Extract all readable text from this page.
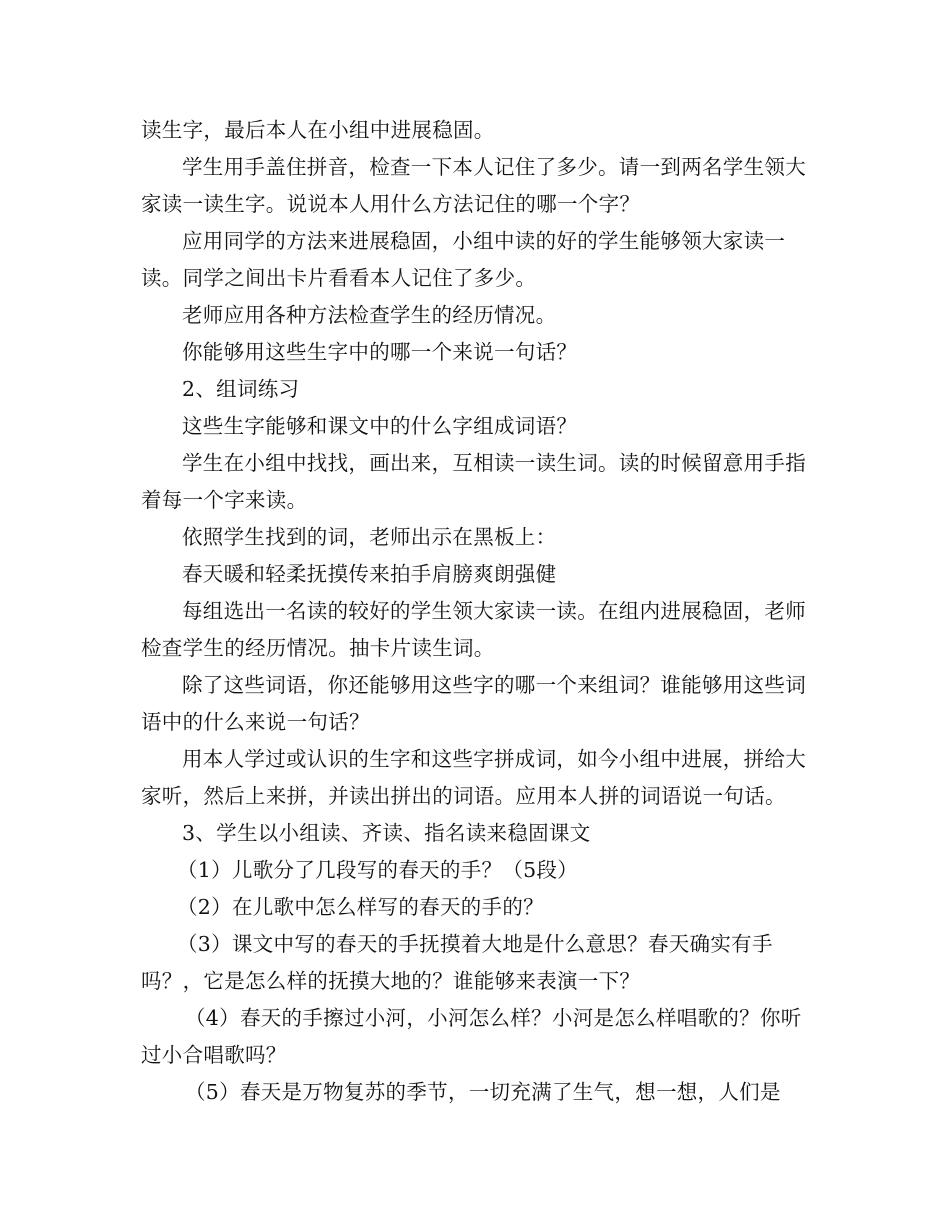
读生字，最后本人在小组中进展稳固。

学生用手盖住拼音，检查一下本人记住了多少。请一到两名学生领大家读一读生字。说说本人用什么方法记住的哪一个字？

应用同学的方法来进展稳固，小组中读的好的学生能够领大家读一读。同学之间出卡片看看本人记住了多少。

老师应用各种方法检查学生的经历情况。

你能够用这些生字中的哪一个来说一句话？

2、组词练习

这些生字能够和课文中的什么字组成词语？

学生在小组中找找，画出来，互相读一读生词。读的时候留意用手指着每一个字来读。

依照学生找到的词，老师出示在黑板上：

春天暖和轻柔抚摸传来拍手肩膀爽朗强健

每组选出一名读的较好的学生领大家读一读。在组内进展稳固，老师检查学生的经历情况。抽卡片读生词。

除了这些词语，你还能够用这些字的哪一个来组词？谁能够用这些词语中的什么来说一句话？

用本人学过或认识的生字和这些字拼成词，如今小组中进展，拼给大家听，然后上来拼，并读出拼出的词语。应用本人拼的词语说一句话。

3、学生以小组读、齐读、指名读来稳固课文

（1）儿歌分了几段写的春天的手？（5段）

（2）在儿歌中怎么样写的春天的手的？

（3）课文中写的春天的手抚摸着大地是什么意思？春天确实有手吗？，它是怎么样的抚摸大地的？谁能够来表演一下？

（4）春天的手擦过小河，小河怎么样？小河是怎么样唱歌的？你听过小合唱歌吗？

（5）春天是万物复苏的季节，一切充满了生气，想一想，人们是
